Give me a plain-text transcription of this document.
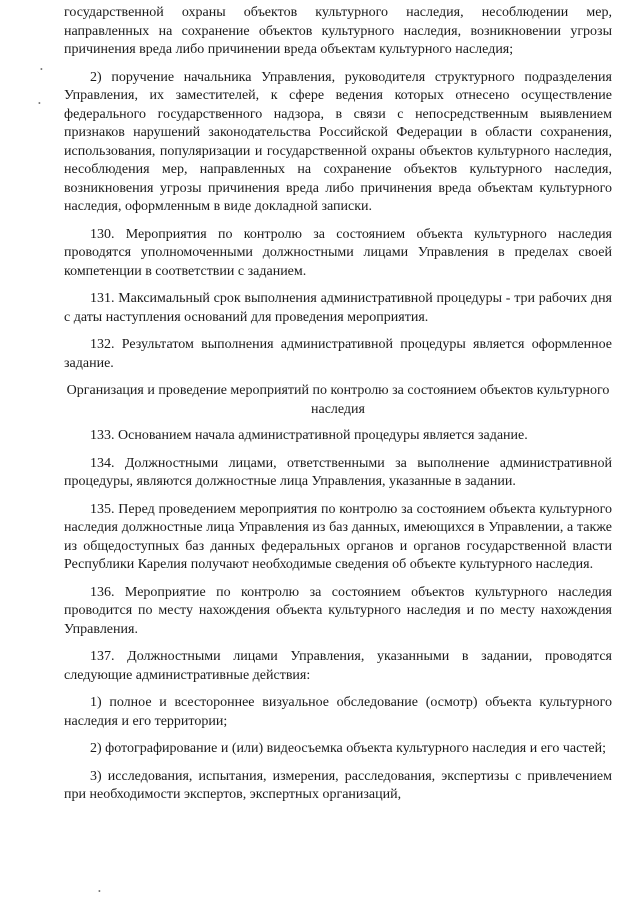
государственной охраны объектов культурного наследия, несоблюдении мер, направленных на сохранение объектов культурного наследия, возникновении угрозы причинения вреда либо причинении вреда объектам культурного наследия;

2) поручение начальника Управления, руководителя структурного подразделения Управления, их заместителей, к сфере ведения которых отнесено осуществление федерального государственного надзора, в связи с непосредственным выявлением признаков нарушений законодательства Российской Федерации в области сохранения, использования, популяризации и государственной охраны объектов культурного наследия, несоблюдения мер, направленных на сохранение объектов культурного наследия, возникновения угрозы причинения вреда либо причинения вреда объектам культурного наследия, оформленным в виде докладной записки.

130. Мероприятия по контролю за состоянием объекта культурного наследия проводятся уполномоченными должностными лицами Управления в пределах своей компетенции в соответствии с заданием.

131. Максимальный срок выполнения административной процедуры - три рабочих дня с даты наступления оснований для проведения мероприятия.

132. Результатом выполнения административной процедуры является оформленное задание.

Организация и проведение мероприятий по контролю за состоянием объектов культурного наследия

133. Основанием начала административной процедуры является задание.

134. Должностными лицами, ответственными за выполнение административной процедуры, являются должностные лица Управления, указанные в задании.

135. Перед проведением мероприятия по контролю за состоянием объекта культурного наследия должностные лица Управления из баз данных, имеющихся в Управлении, а также из общедоступных баз данных федеральных органов и органов государственной власти Республики Карелия получают необходимые сведения об объекте культурного наследия.

136. Мероприятие по контролю за состоянием объектов культурного наследия проводится по месту нахождения объекта культурного наследия и по месту нахождения Управления.

137. Должностными лицами Управления, указанными в задании, проводятся следующие административные действия:

1) полное и всестороннее визуальное обследование (осмотр) объекта культурного наследия и его территории;

2) фотографирование и (или) видеосъемка объекта культурного наследия и его частей;

3) исследования, испытания, измерения, расследования, экспертизы с привлечением при необходимости экспертов, экспертных организаций,

•
•
•
